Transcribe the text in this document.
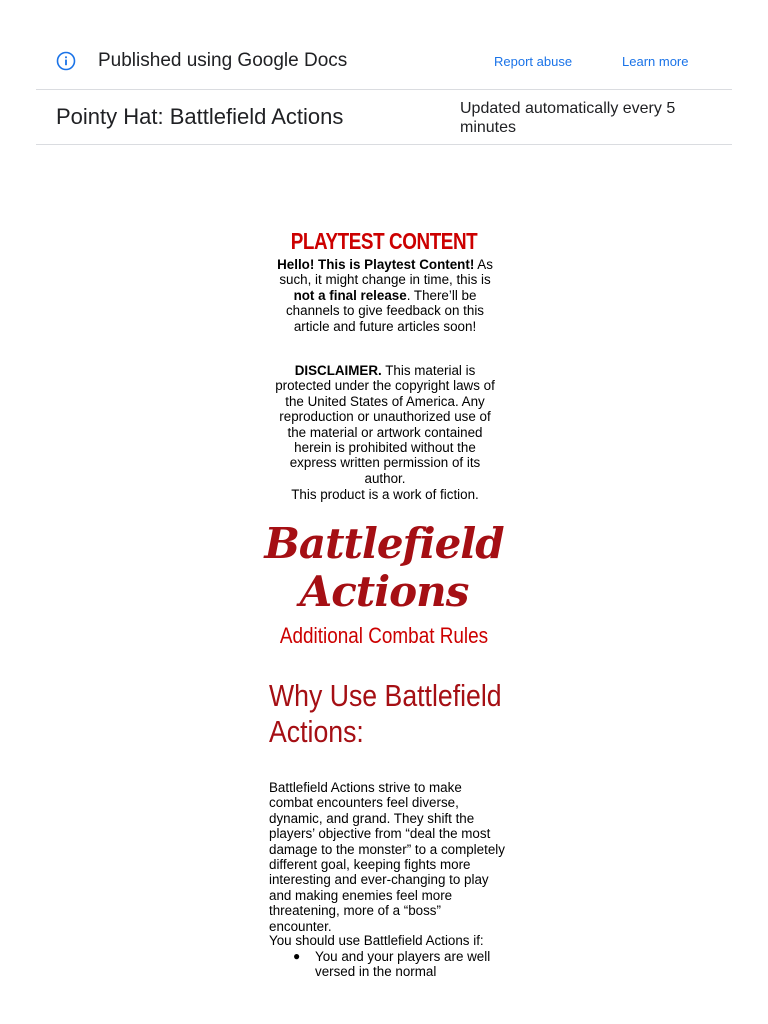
Published using Google Docs	Report abuse	Learn more
Pointy Hat: Battlefield Actions	Updated automatically every 5 minutes
PLAYTEST CONTENT

Hello! This is Playtest Content! As such, it might change in time, this is not a final release. There’ll be channels to give feedback on this article and future articles soon!

DISCLAIMER. This material is protected under the copyright laws of the United States of America. Any reproduction or unauthorized use of the material or artwork contained herein is prohibited without the express written permission of its author.

This product is a work of fiction.

Battlefield
Actions
Additional Combat Rules
Why Use Battlefield Actions:

Battlefield Actions strive to make combat encounters feel diverse, dynamic, and grand. They shift the players’ objective from “deal the most damage to the monster” to a completely different goal, keeping fights more interesting and ever-changing to play and making enemies feel more threatening, more of a “boss” encounter.

You should use Battlefield Actions if:

● You and your players are well versed in the normal
